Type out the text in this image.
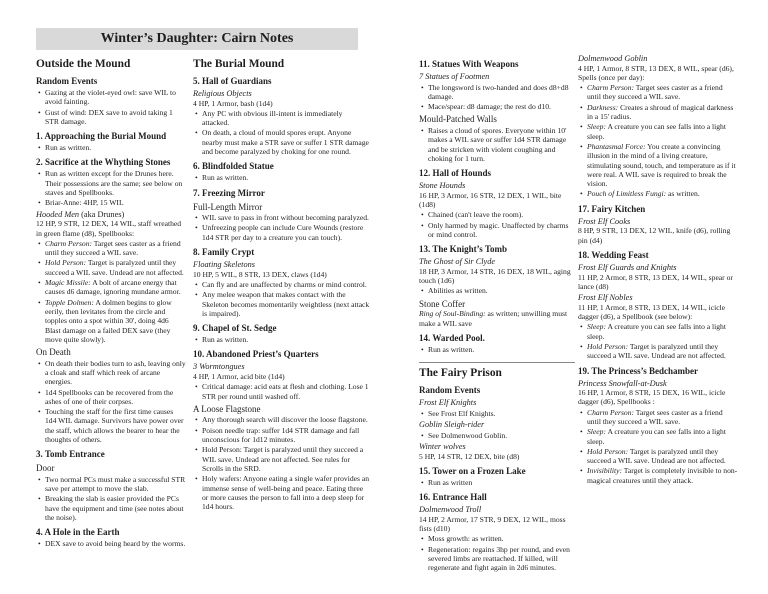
Winter’s Daughter: Cairn Notes
Outside the Mound
Random Events
• Gazing at the violet-eyed owl: save WIL to avoid fainting.
• Gust of wind: DEX save to avoid taking 1 STR damage.
1. Approaching the Burial Mound
• Run as written.
2. Sacrifice at the Whything Stones
• Run as written except for the Drunes here. Their possessions are the same; see below on staves and Spellbooks.
• Briar-Anne: 4HP, 15 WIL
Hooded Men (aka Drunes)
12 HP, 9 STR, 12 DEX, 14 WIL, staff wreathed in green flame (d8), Spellbooks:
• Charm Person: Target sees caster as a friend until they succeed a WIL save.
• Hold Person: Target is paralyzed until they succeed a WIL save. Undead are not affected.
• Magic Missile: A bolt of arcane energy that causes d6 damage, ignoring mundane armor.
• Topple Dolmen: A dolmen begins to glow eerily, then levitates from the circle and topples onto a spot within 30', doing 4d6 Blast damage on a failed DEX save (they move quite slowly).
On Death
• On death their bodies turn to ash, leaving only a cloak and staff which reek of arcane energies.
• 1d4 Spellbooks can be recovered from the ashes of one of their corpses.
• Touching the staff for the first time causes 1d4 WIL damage. Survivors have power over the staff, which allows the bearer to hear the thoughts of others.
3. Tomb Entrance
Door
• Two normal PCs must make a successful STR save per attempt to move the slab.
• Breaking the slab is easier provided the PCs have the equipment and time (see notes about the noise).
4. A Hole in the Earth
• DEX save to avoid being heard by the worms.
The Burial Mound
5. Hall of Guardians
Religious Objects
4 HP, 1 Armor, bash (1d4)
• Any PC with obvious ill-intent is immediately attacked.
• On death, a cloud of mould spores erupt. Anyone nearby must make a STR save or suffer 1 STR damage and become paralyzed by choking for one round.
6. Blindfolded Statue
• Run as written.
7. Freezing Mirror
Full-Length Mirror
• WIL save to pass in front without becoming paralyzed.
• Unfreezing people can include Cure Wounds (restore 1d4 STR per day to a creature you can touch).
8. Family Crypt
Floating Skeletons
10 HP, 5 WIL, 8 STR, 13 DEX, claws (1d4)
• Can fly and are unaffected by charms or mind control.
• Any melee weapon that makes contact with the Skeleton becomes momentarily weightless (next attack is impaired).
9. Chapel of St. Sedge
• Run as written.
10. Abandoned Priest’s Quarters
3 Wormtongues
4 HP, 1 Armor, acid bite (1d4)
• Critical damage: acid eats at flesh and clothing. Lose 1 STR per round until washed off.
A Loose Flagstone
• Any thorough search will discover the loose flagstone.
• Poison needle trap: suffer 1d4 STR damage and fall unconscious for 1d12 minutes.
• Hold Person: Target is paralyzed until they succeed a WIL save. Undead are not affected. See rules for Scrolls in the SRD.
• Holy wafers: Anyone eating a single wafer provides an immense sense of well-being and peace. Eating three or more causes the person to fall into a deep sleep for 1d4 hours.
11. Statues With Weapons
7 Statues of Footmen
• The longsword is two-handed and does d8+d8 damage.
• Mace/spear: d8 damage; the rest do d10.
Mould-Patched Walls
• Raises a cloud of spores. Everyone within 10' makes a WIL save or suffer 1d4 STR damage and be stricken with violent coughing and choking for 1 turn.
12. Hall of Hounds
Stone Hounds
16 HP, 3 Armor, 16 STR, 12 DEX, 1 WIL, bite (1d8)
• Chained (can't leave the room).
• Only harmed by magic. Unaffected by charms or mind control.
13. The Knight’s Tomb
The Ghost of Sir Clyde
18 HP, 3 Armor, 14 STR, 16 DEX, 18 WIL, aging touch (1d6)
• Abilities as written.
Stone Coffer
Ring of Soul-Binding: as written; unwilling must make a WIL save
14. Warded Pool.
• Run as written.
The Fairy Prison
Random Events
Frost Elf Knights
• See Frost Elf Knights.
Goblin Sleigh-rider
• See Dolmenwood Goblin.
Winter wolves
5 HP, 14 STR, 12 DEX, bite (d8)
15. Tower on a Frozen Lake
• Run as written
16. Entrance Hall
Dolmenwood Troll
14 HP, 2 Armor, 17 STR, 9 DEX, 12 WIL, moss fists (d10)
• Moss growth: as written.
• Regeneration: regains 3hp per round, and even severed limbs are reattached. If killed, will regenerate and fight again in 2d6 minutes.
Dolmenwood Goblin
4 HP, 1 Armor, 8 STR, 13 DEX, 8 WIL, spear (d6), Spells (once per day):
• Charm Person: Target sees caster as a friend until they succeed a WIL save.
• Darkness: Creates a shroud of magical darkness in a 15' radius.
• Sleep: A creature you can see falls into a light sleep.
• Phantasmal Force: You create a convincing illusion in the mind of a living creature, stimulating sound, touch, and temperature as if it were real. A WIL save is required to break the vision.
• Pouch of Limitless Fungi: as written.
17. Fairy Kitchen
Frost Elf Cooks
8 HP, 9 STR, 13 DEX, 12 WIL, knife (d6), rolling pin (d4)
18. Wedding Feast
Frost Elf Guards and Knights
11 HP, 2 Armor, 8 STR, 13 DEX, 14 WIL, spear or lance (d8)
Frost Elf Nobles
11 HP, 1 Armor, 8 STR, 13 DEX, 14 WIL, icicle dagger (d6), a Spellbook (see below):
• Sleep: A creature you can see falls into a light sleep.
• Hold Person: Target is paralyzed until they succeed a WIL save. Undead are not affected.
19. The Princess’s Bedchamber
Princess Snowfall-at-Dusk
16 HP, 1 Armor, 8 STR, 15 DEX, 16 WIL, icicle dagger (d6), Spellbooks :
• Charm Person: Target sees caster as a friend until they succeed a WIL save.
• Sleep: A creature you can see falls into a light sleep.
• Hold Person: Target is paralyzed until they succeed a WIL save. Undead are not affected.
• Invisibility: Target is completely invisible to non-magical creatures until they attack.
